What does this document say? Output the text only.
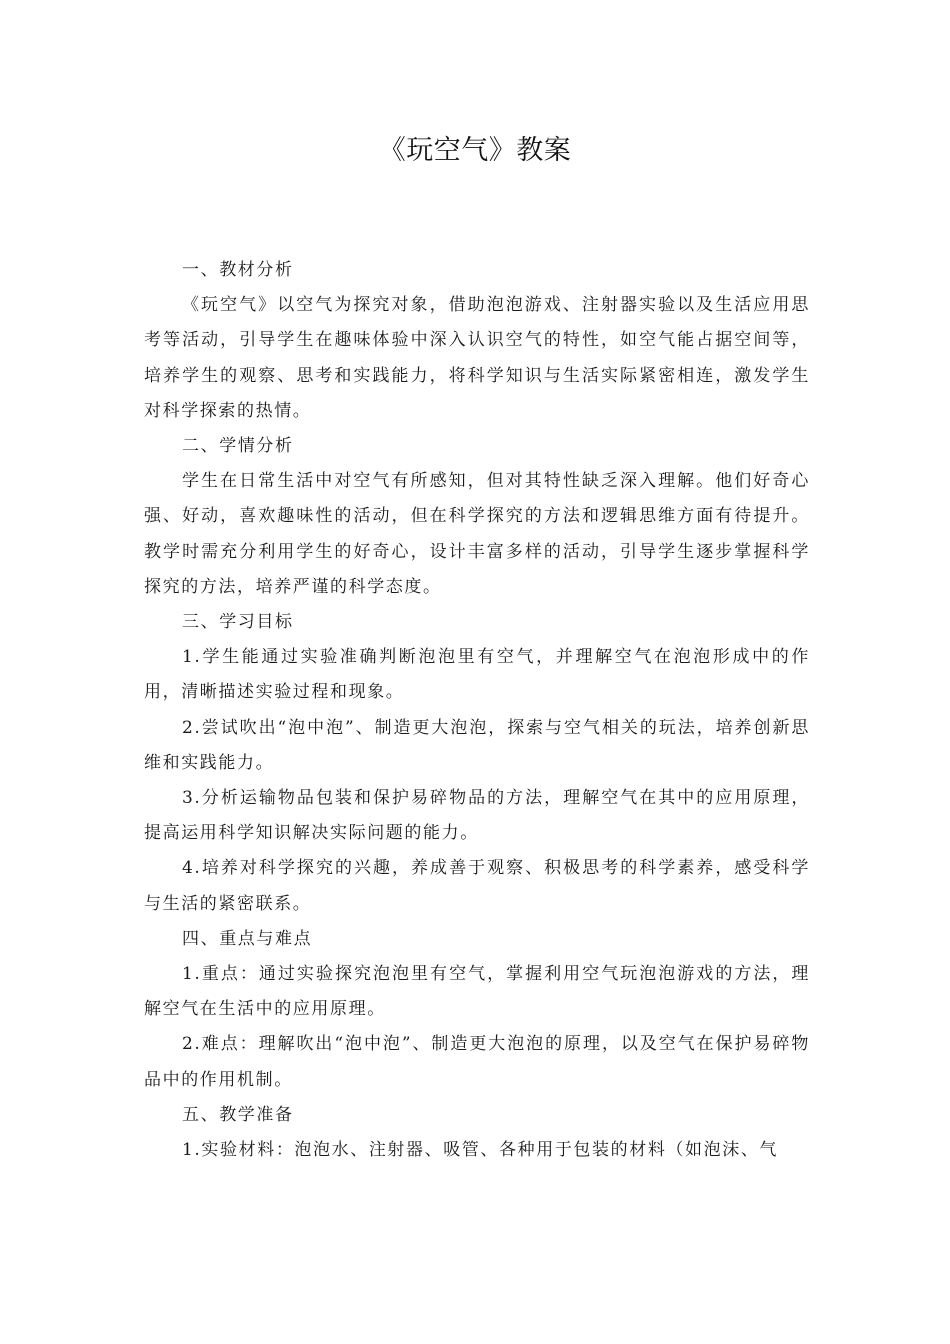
《玩空气》教案

一、教材分析

《玩空气》以空气为探究对象，借助泡泡游戏、注射器实验以及生活应用思考等活动，引导学生在趣味体验中深入认识空气的特性，如空气能占据空间等，培养学生的观察、思考和实践能力，将科学知识与生活实际紧密相连，激发学生对科学探索的热情。

二、学情分析

学生在日常生活中对空气有所感知，但对其特性缺乏深入理解。他们好奇心强、好动，喜欢趣味性的活动，但在科学探究的方法和逻辑思维方面有待提升。教学时需充分利用学生的好奇心，设计丰富多样的活动，引导学生逐步掌握科学探究的方法，培养严谨的科学态度。

三、学习目标

1.学生能通过实验准确判断泡泡里有空气，并理解空气在泡泡形成中的作用，清晰描述实验过程和现象。

2.尝试吹出“泡中泡”、制造更大泡泡，探索与空气相关的玩法，培养创新思维和实践能力。

3.分析运输物品包装和保护易碎物品的方法，理解空气在其中的应用原理，提高运用科学知识解决实际问题的能力。

4.培养对科学探究的兴趣，养成善于观察、积极思考的科学素养，感受科学与生活的紧密联系。

四、重点与难点

1.重点：通过实验探究泡泡里有空气，掌握利用空气玩泡泡游戏的方法，理解空气在生活中的应用原理。

2.难点：理解吹出“泡中泡”、制造更大泡泡的原理，以及空气在保护易碎物品中的作用机制。

五、教学准备

1.实验材料：泡泡水、注射器、吸管、各种用于包装的材料（如泡沫、气
